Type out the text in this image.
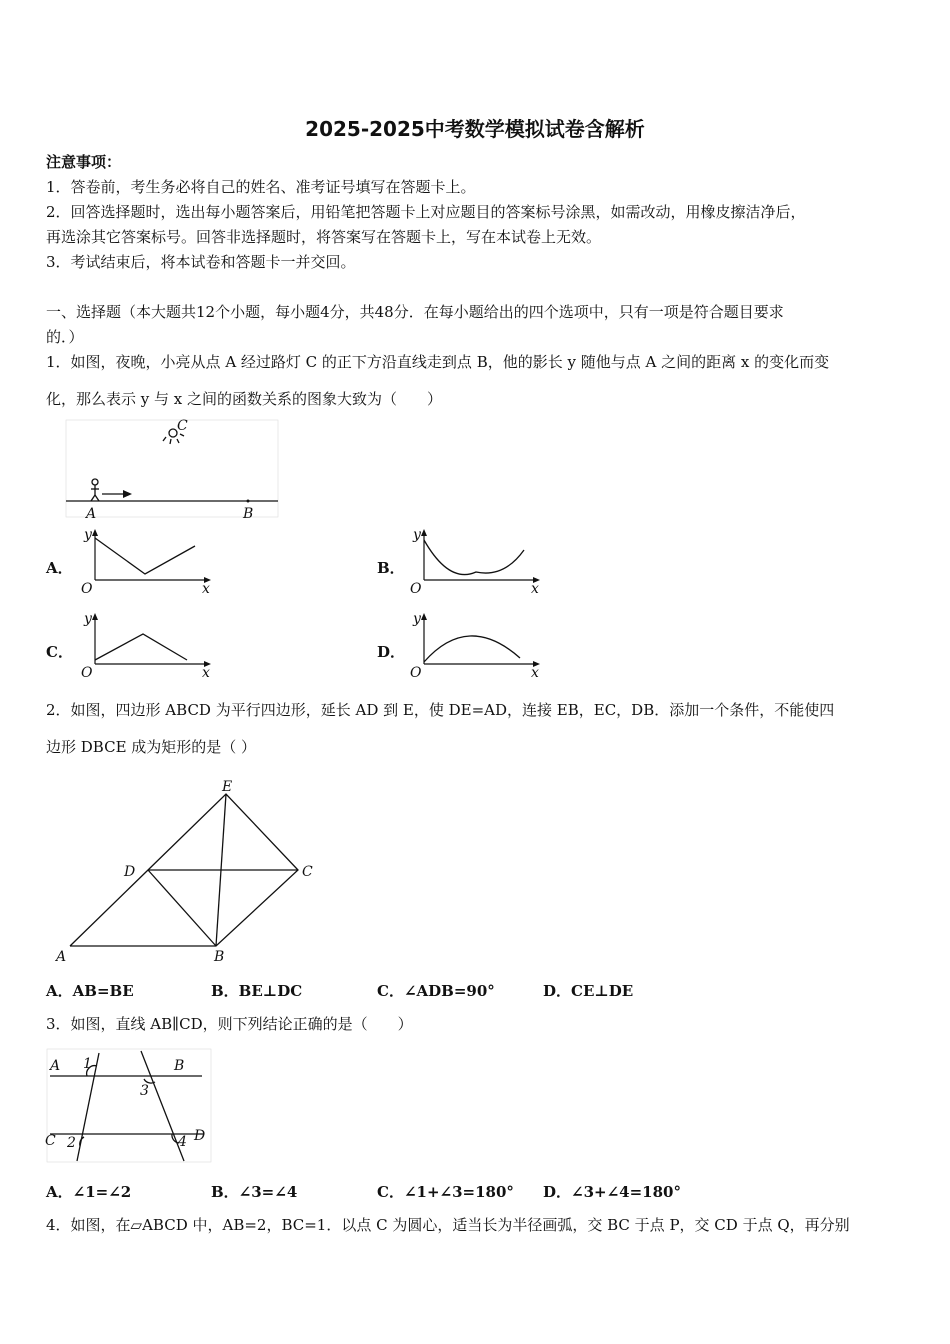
2025-2025中考数学模拟试卷含解析
注意事项：
1．答卷前，考生务必将自己的姓名、准考证号填写在答题卡上。
2．回答选择题时，选出每小题答案后，用铅笔把答题卡上对应题目的答案标号涂黑，如需改动，用橡皮擦洁净后，
再选涂其它答案标号。回答非选择题时，将答案写在答题卡上，写在本试卷上无效。
3．考试结束后，将本试卷和答题卡一并交回。
一、选择题（本大题共12个小题，每小题4分，共48分．在每小题给出的四个选项中，只有一项是符合题目要求
的．）
1．如图，夜晚，小亮从点 A 经过路灯 C 的正下方沿直线走到点 B，他的影长 y 随他与点 A 之间的距离 x 的变化而变
化，那么表示 y 与 x 之间的函数关系的图象大致为（　　）
C
A	B
A．
y
O	x
B．
y
O	x
C．
y
O	x
D．
y
O	x
2．如图，四边形 ABCD 为平行四边形，延长 AD 到 E，使 DE=AD，连接 EB，EC，DB．添加一个条件，不能使四
边形 DBCE 成为矩形的是（ ）
E
D	C
A	B
A．AB=BE	B．BE⊥DC	C．∠ADB=90°	D．CE⊥DE
3．如图，直线 AB∥CD，则下列结论正确的是（　　）
A	B
C	D
1
2
3
4
A．∠1=∠2	B．∠3=∠4	C．∠1+∠3=180° D．∠3+∠4=180°
4．如图，在▱ABCD 中，AB=2，BC=1．以点 C 为圆心，适当长为半径画弧，交 BC 于点 P，交 CD 于点 Q，再分别
